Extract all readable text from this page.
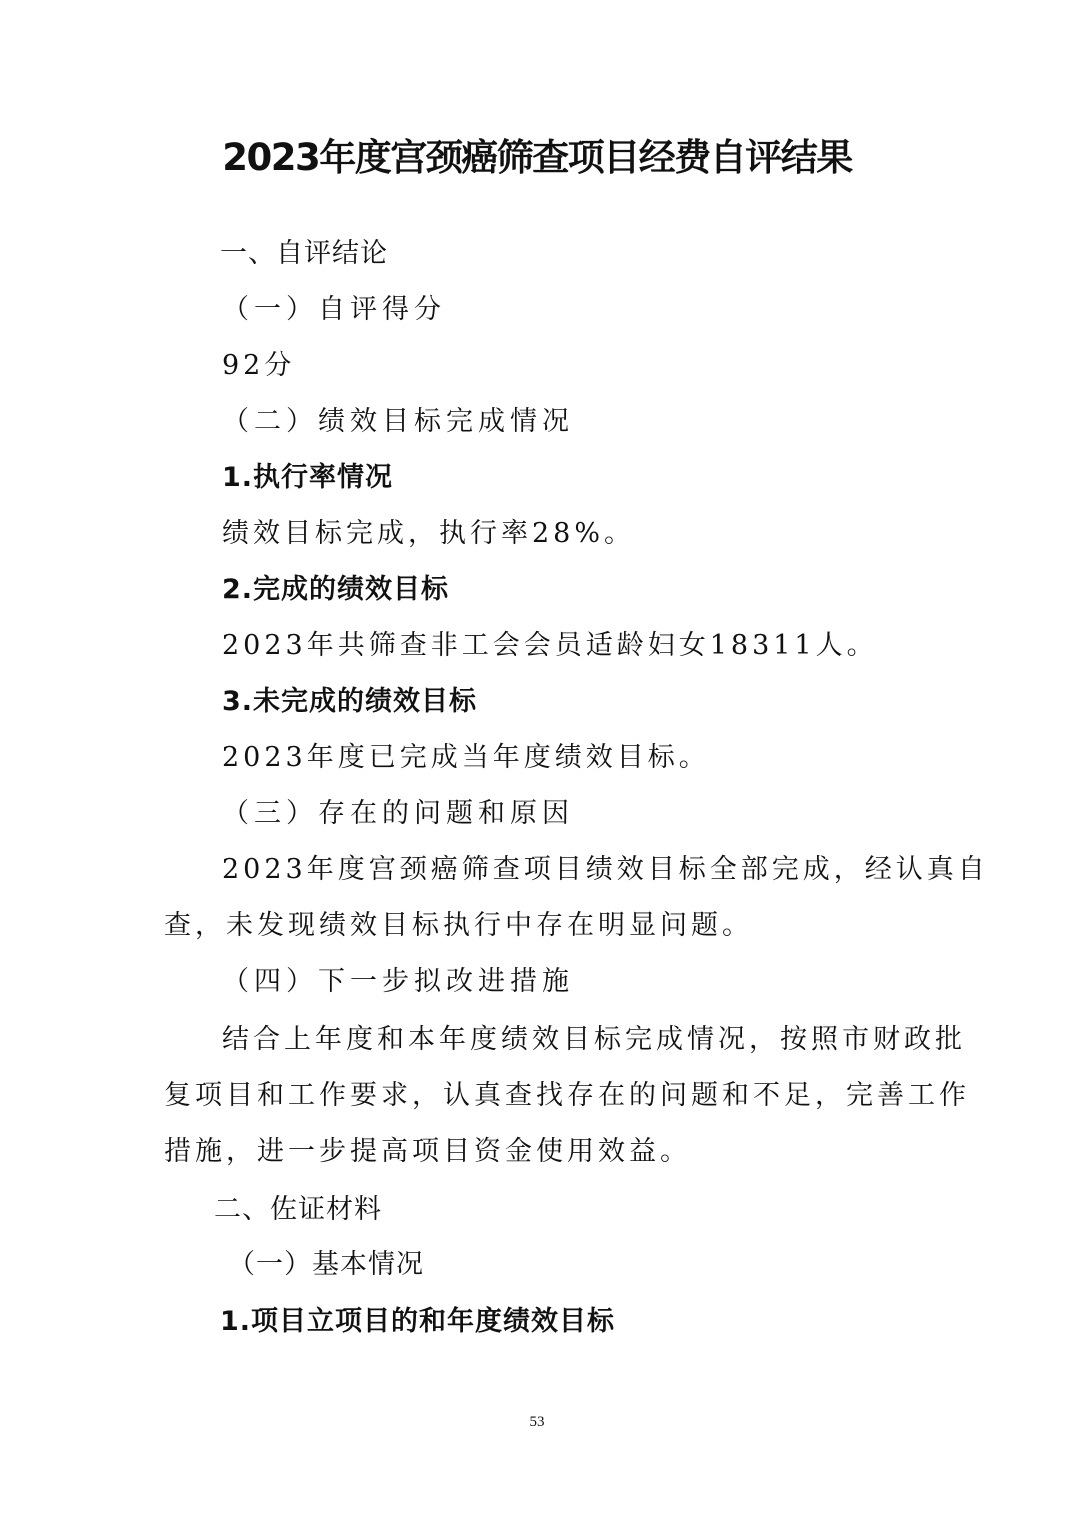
2023年度宫颈癌筛查项目经费自评结果

一、自评结论

（一）自评得分

92分

（二）绩效目标完成情况

1.执行率情况

绩效目标完成，执行率28%。

2.完成的绩效目标

2023年共筛查非工会会员适龄妇女18311人。

3.未完成的绩效目标

2023年度已完成当年度绩效目标。

（三）存在的问题和原因

2023年度宫颈癌筛查项目绩效目标全部完成，经认真自

查，未发现绩效目标执行中存在明显问题。

（四）下一步拟改进措施

结合上年度和本年度绩效目标完成情况，按照市财政批

复项目和工作要求，认真查找存在的问题和不足，完善工作

措施，进一步提高项目资金使用效益。

二、佐证材料

（一）基本情况

1.项目立项目的和年度绩效目标

53
